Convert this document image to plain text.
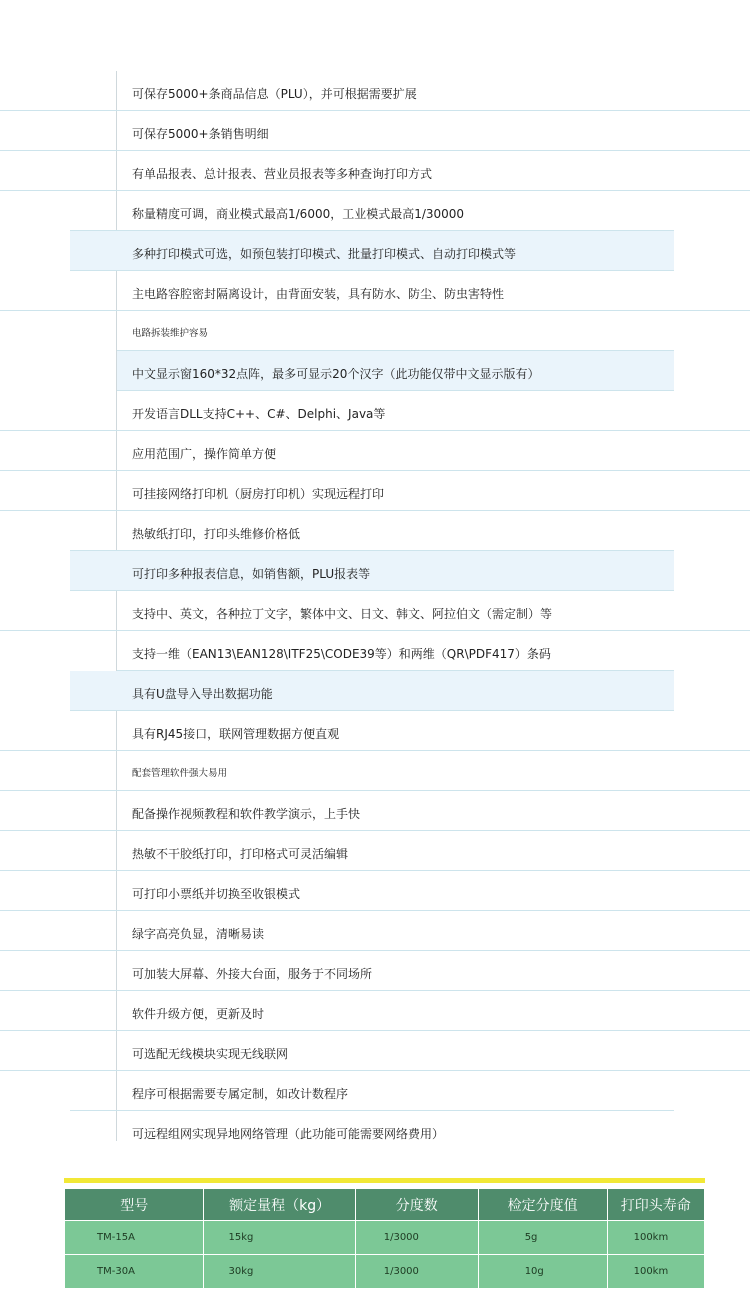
可保存5000+条商品信息（PLU），并可根据需要扩展
可保存5000+条销售明细
有单品报表、总计报表、营业员报表等多种查询打印方式
称量精度可调，商业模式最高1/6000，工业模式最高1/30000
多种打印模式可选，如预包装打印模式、批量打印模式、自动打印模式等
主电路容腔密封隔离设计，由背面安装，具有防水、防尘、防虫害特性
电路拆装维护容易
中文显示窗160*32点阵，最多可显示20个汉字（此功能仅带中文显示版有）
开发语言DLL支持C++、C#、Delphi、Java等
应用范围广，操作简单方便
可挂接网络打印机（厨房打印机）实现远程打印
热敏纸打印，打印头维修价格低
可打印多种报表信息，如销售额，PLU报表等
支持中、英文，各种拉丁文字，繁体中文、日文、韩文、阿拉伯文（需定制）等
支持一维（EAN13\EAN128\ITF25\CODE39等）和两维（QR\PDF417）条码
具有U盘导入导出数据功能
具有RJ45接口，联网管理数据方便直观
配套管理软件强大易用
配备操作视频教程和软件教学演示，上手快
热敏不干胶纸打印，打印格式可灵活编辑
可打印小票纸并切换至收银模式
绿字高亮负显，清晰易读
可加装大屏幕、外接大台面，服务于不同场所
软件升级方便，更新及时
可选配无线模块实现无线联网
程序可根据需要专属定制，如改计数程序
可远程组网实现异地网络管理（此功能可能需要网络费用）
型号	额定量程（kg）	分度数	检定分度值	打印头寿命
TM-15A	15kg	1/3000	5g	100km
TM-30A	30kg	1/3000	10g	100km
